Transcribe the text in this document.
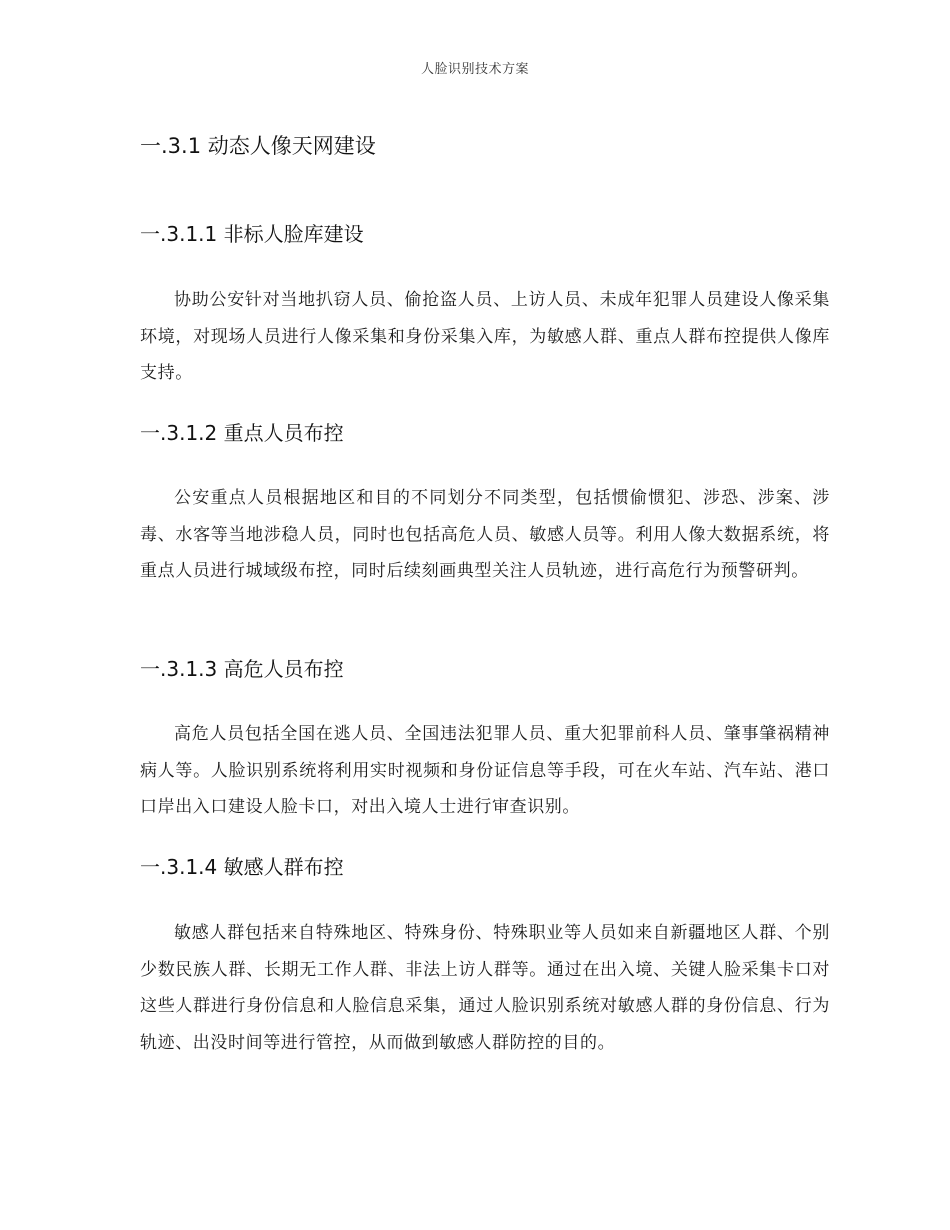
人脸识别技术方案
一.3.1 动态人像天网建设
一.3.1.1 非标人脸库建设

协助公安针对当地扒窃人员、偷抢盗人员、上访人员、未成年犯罪人员建设人像采集环境，对现场人员进行人像采集和身份采集入库，为敏感人群、重点人群布控提供人像库支持。

一.3.1.2 重点人员布控

公安重点人员根据地区和目的不同划分不同类型，包括惯偷惯犯、涉恐、涉案、涉毒、水客等当地涉稳人员，同时也包括高危人员、敏感人员等。利用人像大数据系统，将重点人员进行城域级布控，同时后续刻画典型关注人员轨迹，进行高危行为预警研判。

一.3.1.3 高危人员布控

高危人员包括全国在逃人员、全国违法犯罪人员、重大犯罪前科人员、肇事肇祸精神病人等。人脸识别系统将利用实时视频和身份证信息等手段，可在火车站、汽车站、港口口岸出入口建设人脸卡口，对出入境人士进行审查识别。

一.3.1.4 敏感人群布控

敏感人群包括来自特殊地区、特殊身份、特殊职业等人员如来自新疆地区人群、个别少数民族人群、长期无工作人群、非法上访人群等。通过在出入境、关键人脸采集卡口对这些人群进行身份信息和人脸信息采集，通过人脸识别系统对敏感人群的身份信息、行为轨迹、出没时间等进行管控，从而做到敏感人群防控的目的。
